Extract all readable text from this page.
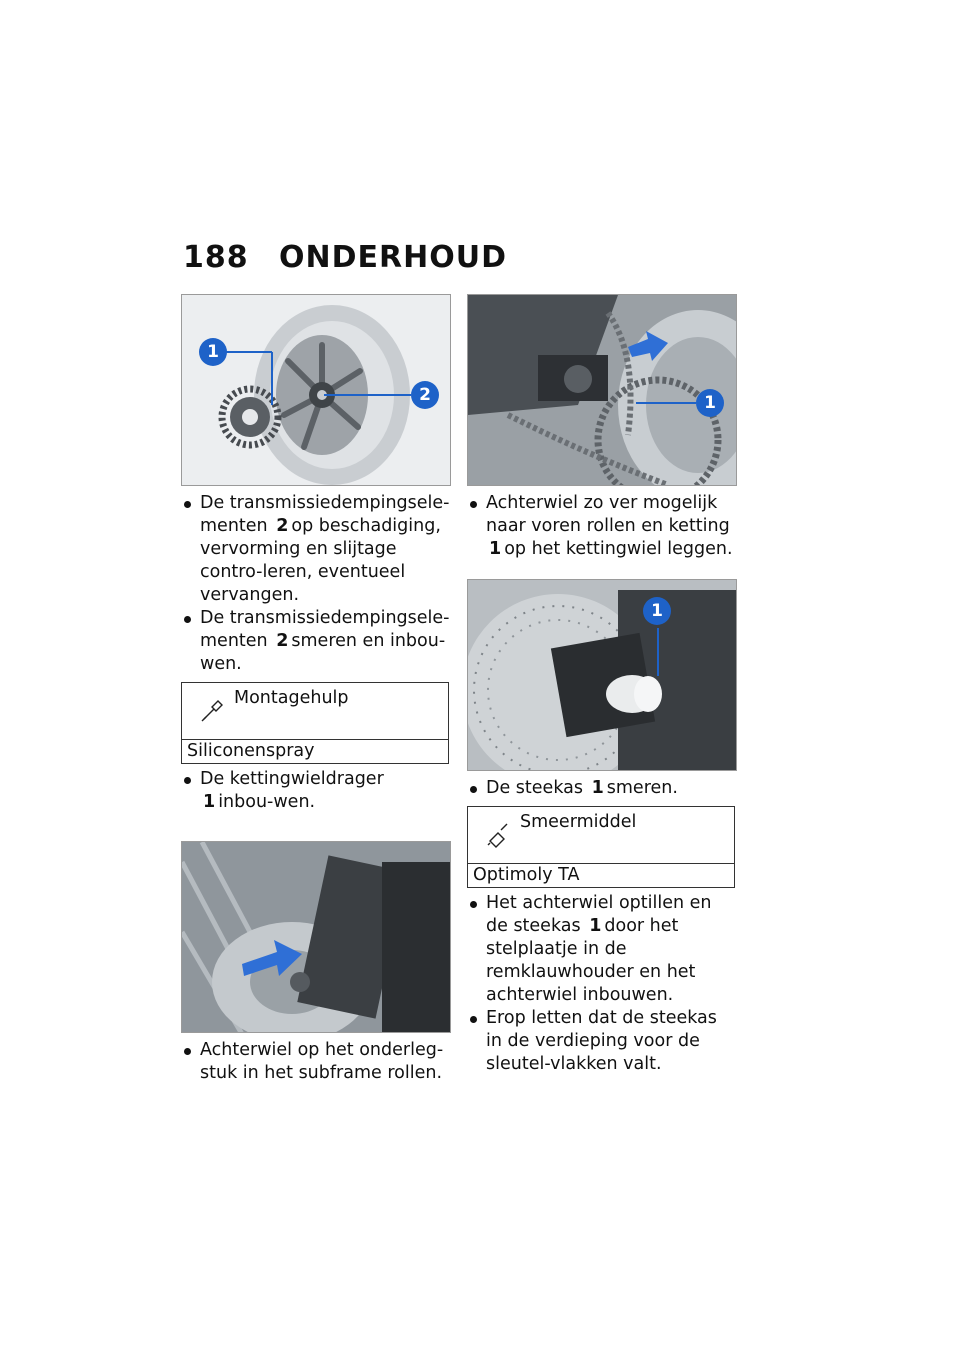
188 ONDERHOUD
1
2
De transmissiedempingsele-menten 2 op beschadiging, vervorming en slijtage contro-leren, eventueel vervangen.
De transmissiedempingsele-menten 2 smeren en inbou-wen.
Montagehulp
Siliconenspray
De kettingwieldrager 1 inbou-wen.
Achterwiel op het onderleg-stuk in het subframe rollen.
1
Achterwiel zo ver mogelijk naar voren rollen en ketting 1 op het kettingwiel leggen.
1
De steekas 1 smeren.
Smeermiddel
Optimoly TA
Het achterwiel optillen en de steekas 1 door het stelplaatje in de remklauwhouder en het achterwiel inbouwen.
Erop letten dat de steekas in de verdieping voor de sleutel-vlakken valt.
